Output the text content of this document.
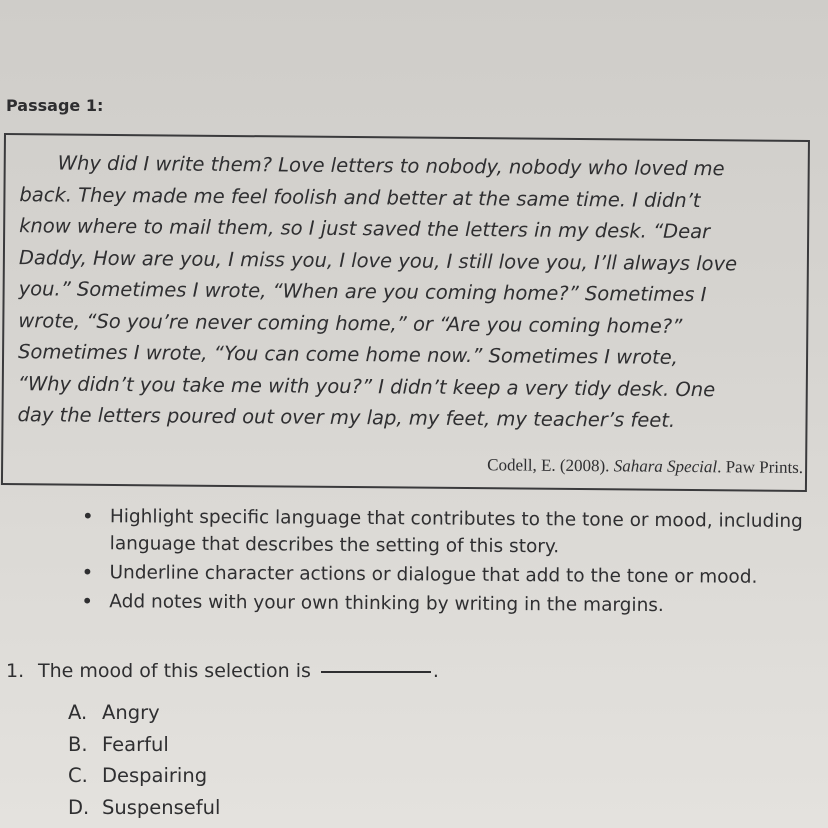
Passage 1:

Why did I write them? Love letters to nobody, nobody who loved me
back. They made me feel foolish and better at the same time. I didn’t
know where to mail them, so I just saved the letters in my desk. “Dear
Daddy, How are you, I miss you, I love you, I still love you, I’ll always love
you.” Sometimes I wrote, “When are you coming home?” Sometimes I
wrote, “So you’re never coming home,” or “Are you coming home?”
Sometimes I wrote, “You can come home now.” Sometimes I wrote,
“Why didn’t you take me with you?” I didn’t keep a very tidy desk. One
day the letters poured out over my lap, my feet, my teacher’s feet.

Codell, E. (2008). Sahara Special. Paw Prints.
• Highlight specific language that contributes to the tone or mood, including language that describes the setting of this story.
• Underline character actions or dialogue that add to the tone or mood.
• Add notes with your own thinking by writing in the margins.
1. The mood of this selection is	.
A. Angry
B. Fearful
C. Despairing
D. Suspenseful
